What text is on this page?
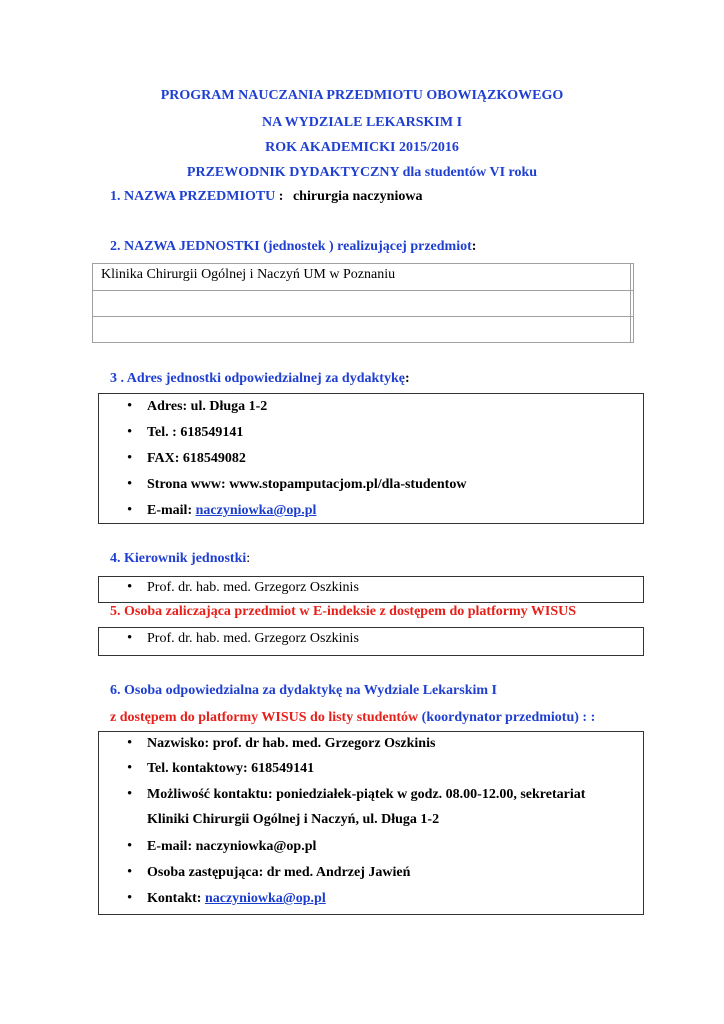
PROGRAM NAUCZANIA PRZEDMIOTU OBOWIĄZKOWEGO
NA WYDZIALE LEKARSKIM I
ROK AKADEMICKI 2015/2016
PRZEWODNIK DYDAKTYCZNY dla studentów VI roku
1. NAZWA PRZEDMIOTU : chirurgia naczyniowa
2. NAZWA JEDNOSTKI (jednostek ) realizującej przedmiot:
Klinika Chirurgii Ogólnej i Naczyń UM w Poznaniu
3 . Adres jednostki odpowiedzialnej za dydaktykę:
• Adres: ul. Długa 1-2
• Tel. : 618549141
• FAX: 618549082
• Strona www: www.stopamputacjom.pl/dla-studentow
• E-mail: naczyniowka@op.pl
4. Kierownik jednostki:
• Prof. dr. hab. med. Grzegorz Oszkinis
5. Osoba zaliczająca przedmiot w E-indeksie z dostępem do platformy WISUS
• Prof. dr. hab. med. Grzegorz Oszkinis
6. Osoba odpowiedzialna za dydaktykę na Wydziale Lekarskim I
z dostępem do platformy WISUS do listy studentów (koordynator przedmiotu) : :
• Nazwisko: prof. dr hab. med. Grzegorz Oszkinis
• Tel. kontaktowy: 618549141
• Możliwość kontaktu: poniedziałek-piątek w godz. 08.00-12.00, sekretariat
Kliniki Chirurgii Ogólnej i Naczyń, ul. Długa 1-2
• E-mail: naczyniowka@op.pl
• Osoba zastępująca: dr med. Andrzej Jawień
• Kontakt: naczyniowka@op.pl
